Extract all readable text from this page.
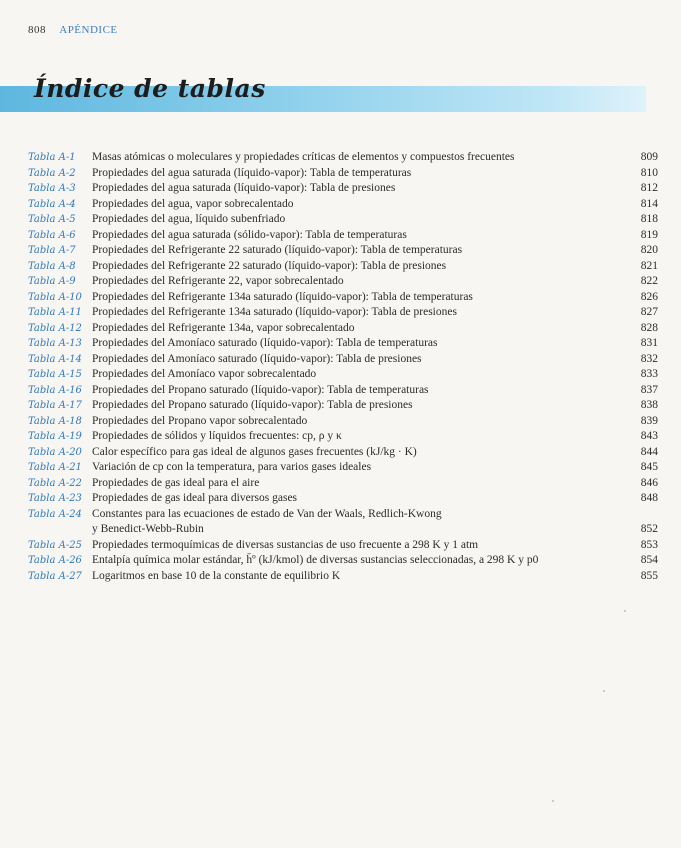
808 APÉNDICE
Índice de tablas
Tabla A-1	Masas atómicas o moleculares y propiedades críticas de elementos y compuestos frecuentes	809
Tabla A-2	Propiedades del agua saturada (líquido-vapor): Tabla de temperaturas	810
Tabla A-3	Propiedades del agua saturada (líquido-vapor): Tabla de presiones	812
Tabla A-4	Propiedades del agua, vapor sobrecalentado	814
Tabla A-5	Propiedades del agua, líquido subenfriado	818
Tabla A-6	Propiedades del agua saturada (sólido-vapor): Tabla de temperaturas	819
Tabla A-7	Propiedades del Refrigerante 22 saturado (líquido-vapor): Tabla de temperaturas	820
Tabla A-8	Propiedades del Refrigerante 22 saturado (líquido-vapor): Tabla de presiones	821
Tabla A-9	Propiedades del Refrigerante 22, vapor sobrecalentado	822
Tabla A-10 Propiedades del Refrigerante 134a saturado (líquido-vapor): Tabla de temperaturas	826
Tabla A-11 Propiedades del Refrigerante 134a saturado (líquido-vapor): Tabla de presiones	827
Tabla A-12 Propiedades del Refrigerante 134a, vapor sobrecalentado	828
Tabla A-13 Propiedades del Amoníaco saturado (líquido-vapor): Tabla de temperaturas	831
Tabla A-14 Propiedades del Amoníaco saturado (líquido-vapor): Tabla de presiones	832
Tabla A-15 Propiedades del Amoníaco vapor sobrecalentado	833
Tabla A-16 Propiedades del Propano saturado (líquido-vapor): Tabla de temperaturas	837
Tabla A-17 Propiedades del Propano saturado (líquido-vapor): Tabla de presiones	838
Tabla A-18 Propiedades del Propano vapor sobrecalentado	839
Tabla A-19 Propiedades de sólidos y líquidos frecuentes: cp, ρ y κ	843
Tabla A-20 Calor específico para gas ideal de algunos gases frecuentes (kJ/kg · K)	844
Tabla A-21 Variación de cp con la temperatura, para varios gases ideales	845
Tabla A-22 Propiedades de gas ideal para el aire	846
Tabla A-23 Propiedades de gas ideal para diversos gases	848
Tabla A-24 Constantes para las ecuaciones de estado de Van der Waals, Redlich-Kwong
y Benedict-Webb-Rubin	852
Tabla A-25 Propiedades termoquímicas de diversas sustancias de uso frecuente a 298 K y 1 atm	853
Tabla A-26 Entalpía química molar estándar, h̄º (kJ/kmol) de diversas sustancias seleccionadas, a 298 K y p0	854
Tabla A-27 Logaritmos en base 10 de la constante de equilibrio K	855
